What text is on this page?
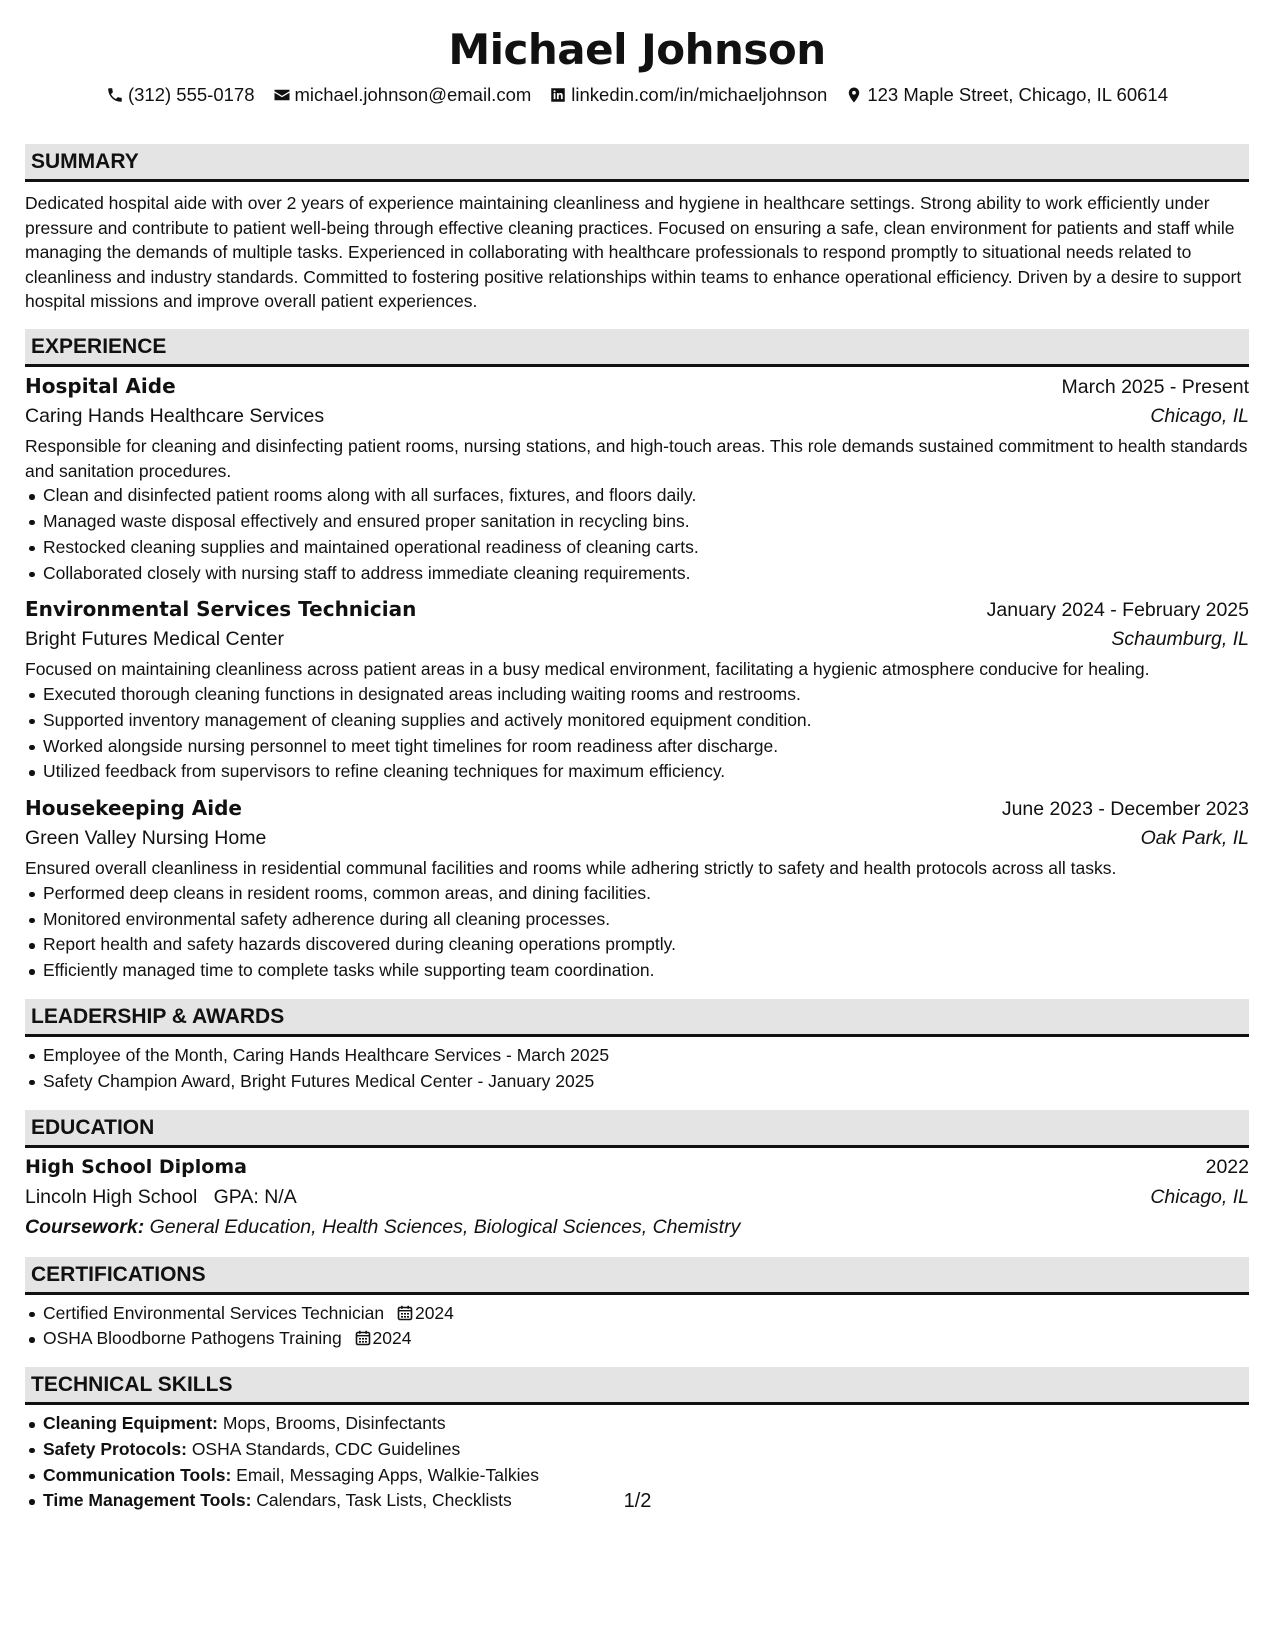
Michael Johnson
(312) 555-0178 michael.johnson@email.com linkedin.com/in/michaeljohnson 123 Maple Street, Chicago, IL 60614
SUMMARY

Dedicated hospital aide with over 2 years of experience maintaining cleanliness and hygiene in healthcare settings. Strong ability to work efficiently under pressure and contribute to patient well-being through effective cleaning practices. Focused on ensuring a safe, clean environment for patients and staff while managing the demands of multiple tasks. Experienced in collaborating with healthcare professionals to respond promptly to situational needs related to cleanliness and industry standards. Committed to fostering positive relationships within teams to enhance operational efficiency. Driven by a desire to support hospital missions and improve overall patient experiences.

EXPERIENCE
Hospital Aide	March 2025 - Present
Caring Hands Healthcare Services	Chicago, IL

Responsible for cleaning and disinfecting patient rooms, nursing stations, and high-touch areas. This role demands sustained commitment to health standards and sanitation procedures.

Clean and disinfected patient rooms along with all surfaces, fixtures, and floors daily.
Managed waste disposal effectively and ensured proper sanitation in recycling bins.
Restocked cleaning supplies and maintained operational readiness of cleaning carts.
Collaborated closely with nursing staff to address immediate cleaning requirements.
Environmental Services Technician	January 2024 - February 2025
Bright Futures Medical Center	Schaumburg, IL

Focused on maintaining cleanliness across patient areas in a busy medical environment, facilitating a hygienic atmosphere conducive for healing.

Executed thorough cleaning functions in designated areas including waiting rooms and restrooms.
Supported inventory management of cleaning supplies and actively monitored equipment condition.
Worked alongside nursing personnel to meet tight timelines for room readiness after discharge.
Utilized feedback from supervisors to refine cleaning techniques for maximum efficiency.
Housekeeping Aide	June 2023 - December 2023
Green Valley Nursing Home	Oak Park, IL

Ensured overall cleanliness in residential communal facilities and rooms while adhering strictly to safety and health protocols across all tasks.

Performed deep cleans in resident rooms, common areas, and dining facilities.
Monitored environmental safety adherence during all cleaning processes.
Report health and safety hazards discovered during cleaning operations promptly.
Efficiently managed time to complete tasks while supporting team coordination.
LEADERSHIP & AWARDS
Employee of the Month, Caring Hands Healthcare Services - March 2025
Safety Champion Award, Bright Futures Medical Center - January 2025
EDUCATION
High School Diploma	2022
Lincoln High School GPA: N/A	Chicago, IL
Coursework: General Education, Health Sciences, Biological Sciences, Chemistry
CERTIFICATIONS
Certified Environmental Services Technician 2024
OSHA Bloodborne Pathogens Training 2024
TECHNICAL SKILLS
Cleaning Equipment: Mops, Brooms, Disinfectants
Safety Protocols: OSHA Standards, CDC Guidelines
Communication Tools: Email, Messaging Apps, Walkie-Talkies
Time Management Tools: Calendars, Task Lists, Checklists	1/2
